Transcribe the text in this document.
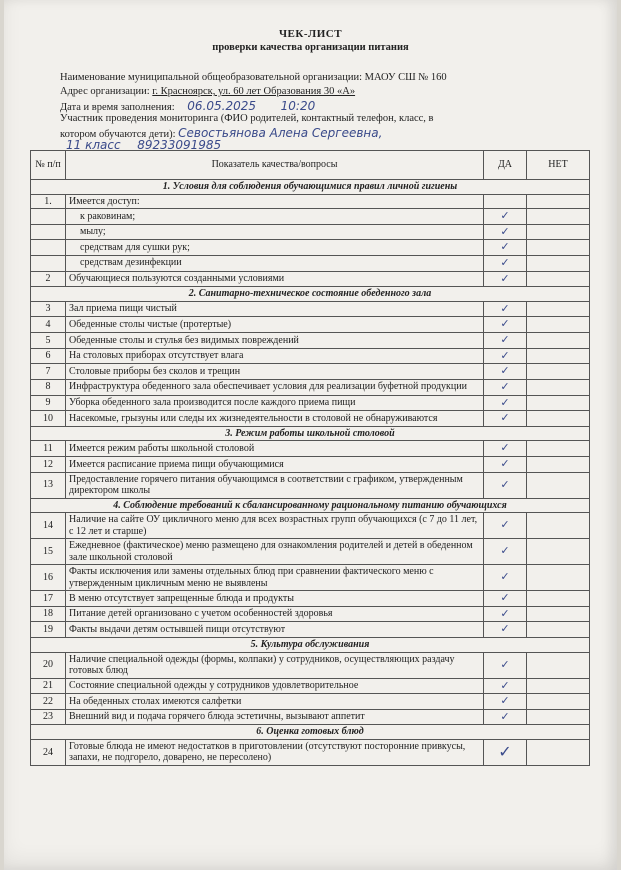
ЧЕК-ЛИСТ
проверки качества организации питания
Наименование муниципальной общеобразовательной организации: МАОУ СШ № 160
Адрес организации: г. Красноярск, ул. 60 лет Образования 30 «А»
Дата и время заполнения: 06.05.2025 10:20
Участник проведения мониторинга (ФИО родителей, контактный телефон, класс, в
котором обучаются дети): Севостьянова Алена Сергеевна,
11 класс 89233091985
№ п/п	Показатель качества/вопросы	ДА	НЕТ
1. Условия для соблюдения обучающимися правил личной гигиены			
1.	Имеется доступ:		
	к раковинам;	✓	
	мылу;	✓	
	средствам для сушки рук;	✓	
	средствам дезинфекции	✓	
2	Обучающиеся пользуются созданными условиями	✓	
2. Санитарно-техническое состояние обеденного зала			
3	Зал приема пищи чистый	✓	
4	Обеденные столы чистые (протертые)	✓	
5	Обеденные столы и стулья без видимых повреждений	✓	
6	На столовых приборах отсутствует влага	✓	
7	Столовые приборы без сколов и трещин	✓	
8	Инфраструктура обеденного зала обеспечивает условия для реализации буфетной продукции	✓	
9	Уборка обеденного зала производится после каждого приема пищи	✓	
10	Насекомые, грызуны или следы их жизнедеятельности в столовой не обнаруживаются	✓	
3. Режим работы школьной столовой			
11	Имеется режим работы школьной столовой	✓	
12	Имеется расписание приема пищи обучающимися	✓	
13	Предоставление горячего питания обучающимся в соответствии с графиком, утвержденным директором школы	✓	
4. Соблюдение требований к сбалансированному рациональному питанию обучающихся			
14	Наличие на сайте ОУ цикличного меню для всех возрастных групп обучающихся (с 7 до 11 лет, с 12 лет и старше)	✓	
15	Ежедневное (фактическое) меню размещено для ознакомления родителей и детей в обеденном зале школьной столовой	✓	
16	Факты исключения или замены отдельных блюд при сравнении фактического меню с утвержденным цикличным меню не выявлены	✓	
17	В меню отсутствует запрещенные блюда и продукты	✓	
18	Питание детей организовано с учетом особенностей здоровья	✓	
19	Факты выдачи детям остывшей пищи отсутствуют	✓	
5. Культура обслуживания			
20	Наличие специальной одежды (формы, колпаки) у сотрудников, осуществляющих раздачу готовых блюд	✓	
21	Состояние специальной одежды у сотрудников удовлетворительное	✓	
22	На обеденных столах имеются салфетки	✓	
23	Внешний вид и подача горячего блюда эстетичны, вызывают аппетит	✓	
6. Оценка готовых блюд			
24	Готовые блюда не имеют недостатков в приготовлении (отсутствуют посторонние привкусы, запахи, не подгорело, доварено, не пересолено)	✓	
